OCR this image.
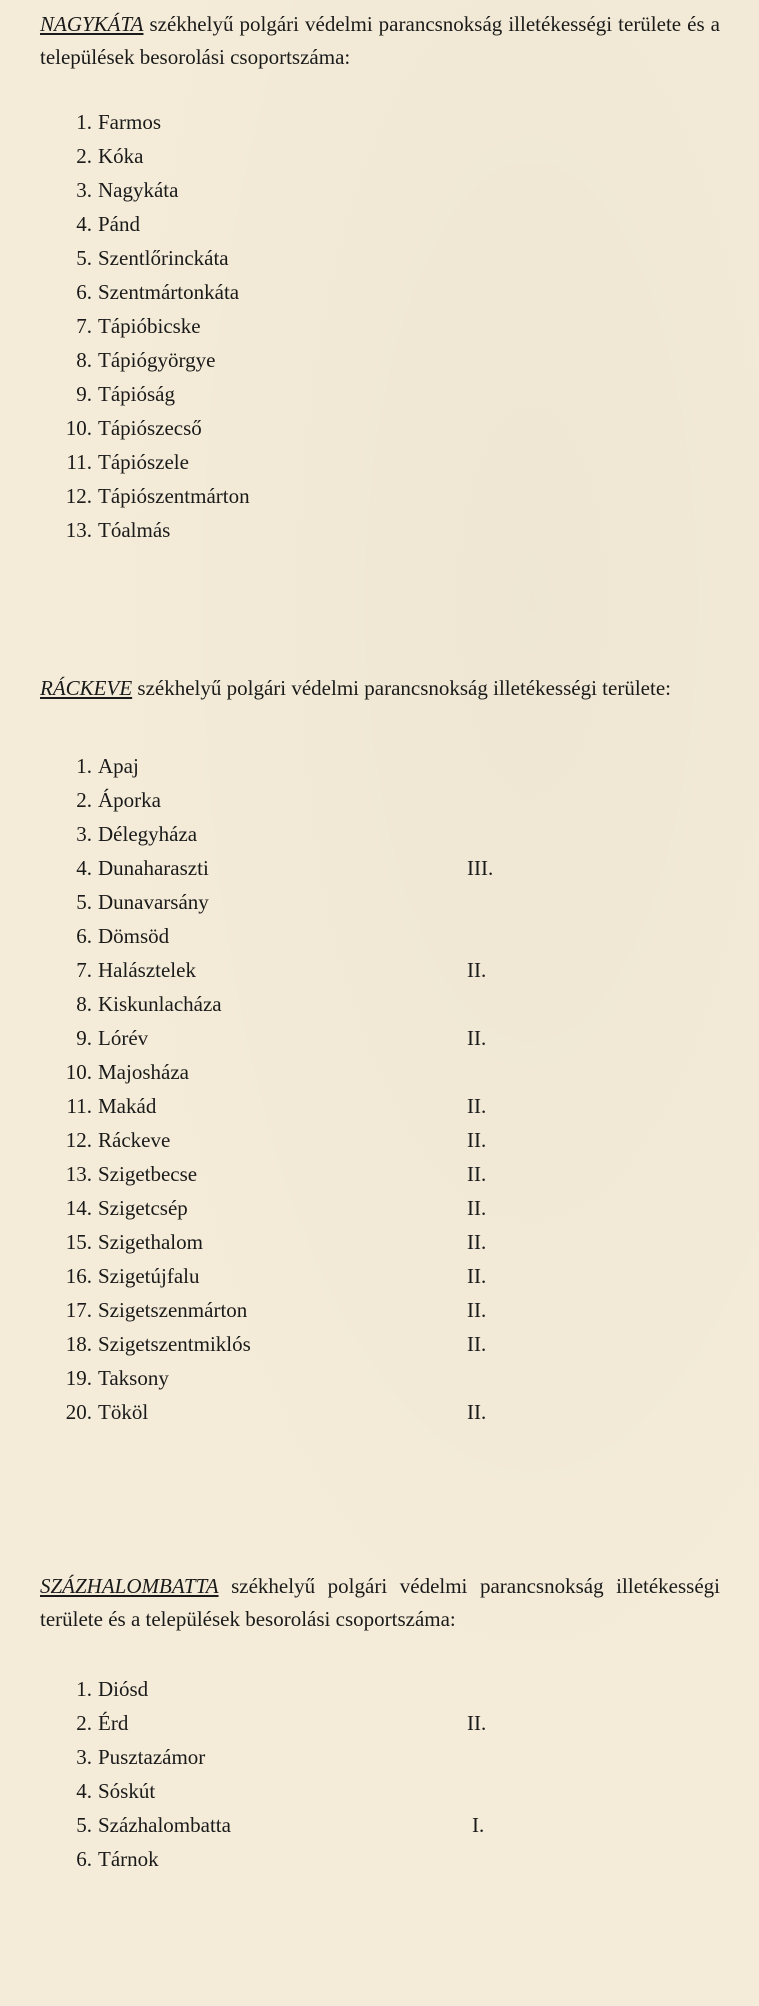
NAGYKÁTA székhelyű polgári védelmi parancsnokság illetékességi területe és a települések besorolási csoportszáma:

1. Farmos
2. Kóka
3. Nagykáta
4. Pánd
5. Szentlőrinckáta
6. Szentmártonkáta
7. Tápióbicske
8. Tápiógyörgye
9. Tápióság
10. Tápiószecső
11. Tápiószele
12. Tápiószentmárton
13. Tóalmás

RÁCKEVE székhelyű polgári védelmi parancsnokság illetékességi területe:

1. Apaj
2. Áporka
3. Délegyháza
4. Dunaharaszti	III.
5. Dunavarsány
6. Dömsöd
7. Halásztelek	II.
8. Kiskunlacháza
9. Lórév	II.
10. Majosháza
11. Makád	II.
12. Ráckeve	II.
13. Szigetbecse	II.
14. Szigetcsép	II.
15. Szigethalom	II.
16. Szigetújfalu	II.
17. Szigetszenmárton	II.
18. Szigetszentmiklós	II.
19. Taksony
20. Tököl	II.

SZÁZHALOMBATTA székhelyű polgári védelmi parancsnokság illetékességi területe és a települések besorolási csoportszáma:

1. Diósd
2. Érd	II.
3. Pusztazámor
4. Sóskút
5. Százhalombatta	I.
6. Tárnok
